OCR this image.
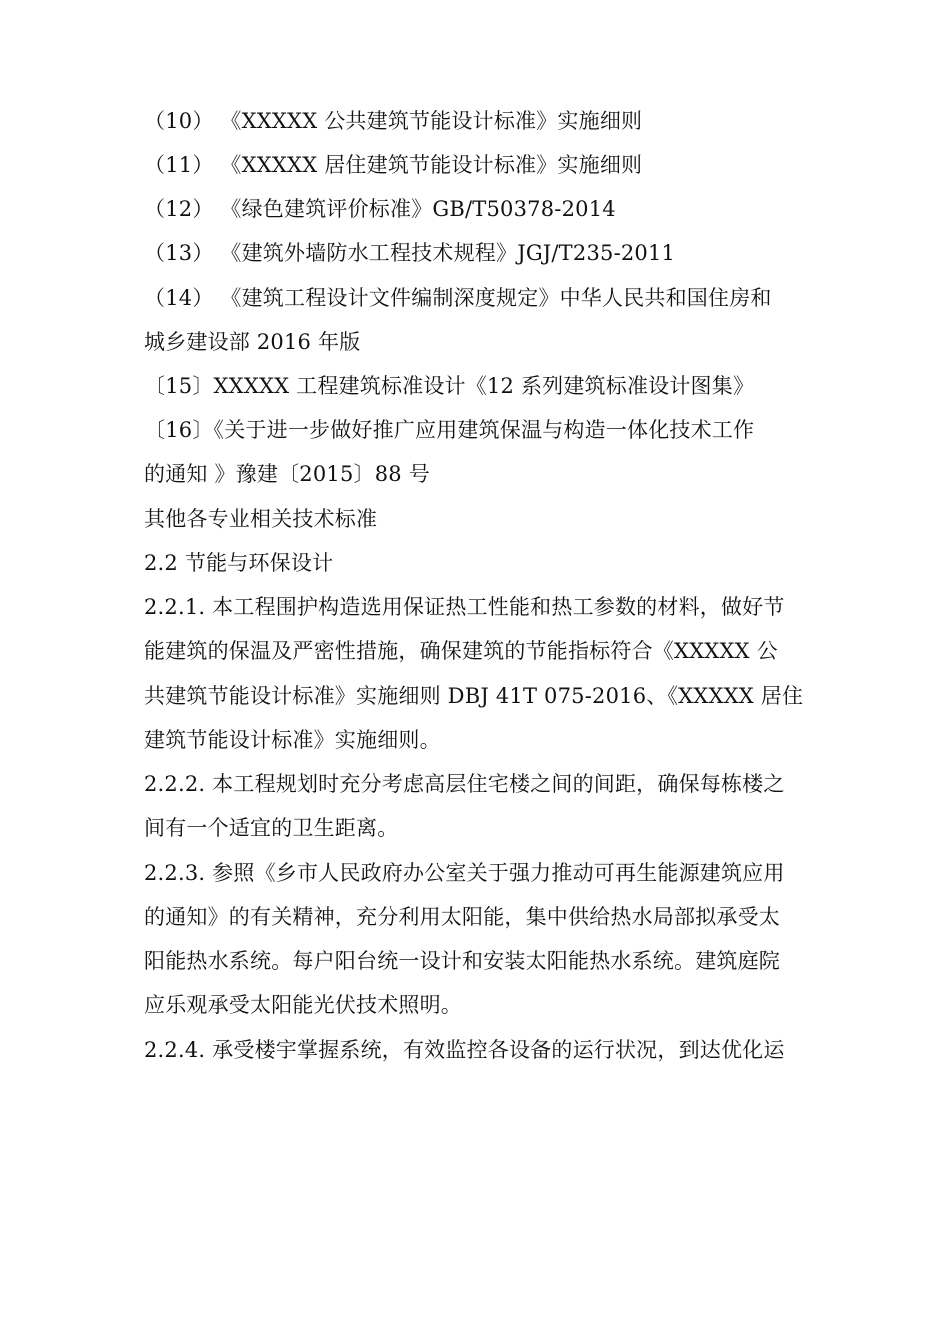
（10） 《XXXXX 公共建筑节能设计标准》实施细则
（11） 《XXXXX 居住建筑节能设计标准》实施细则
（12） 《绿色建筑评价标准》GB/T50378-2014
（13） 《建筑外墙防水工程技术规程》JGJ/T235-2011
（14） 《建筑工程设计文件编制深度规定》中华人民共和国住房和
城乡建设部 2016 年版
〔15〕XXXXX 工程建筑标准设计《12 系列建筑标准设计图集》
〔16〕《关于进一步做好推广应用建筑保温与构造一体化技术工作
的通知 》豫建〔2015〕88 号
其他各专业相关技术标准
2.2 节能与环保设计
2.2.1. 本工程围护构造选用保证热工性能和热工参数的材料，做好节
能建筑的保温及严密性措施，确保建筑的节能指标符合《XXXXX 公
共建筑节能设计标准》实施细则 DBJ 41T 075-2016、《XXXXX 居住
建筑节能设计标准》实施细则。
2.2.2. 本工程规划时充分考虑高层住宅楼之间的间距，确保每栋楼之
间有一个适宜的卫生距离。
2.2.3. 参照《乡市人民政府办公室关于强力推动可再生能源建筑应用
的通知》的有关精神，充分利用太阳能，集中供给热水局部拟承受太
阳能热水系统。每户阳台统一设计和安装太阳能热水系统。建筑庭院
应乐观承受太阳能光伏技术照明。
2.2.4. 承受楼宇掌握系统，有效监控各设备的运行状况，到达优化运
